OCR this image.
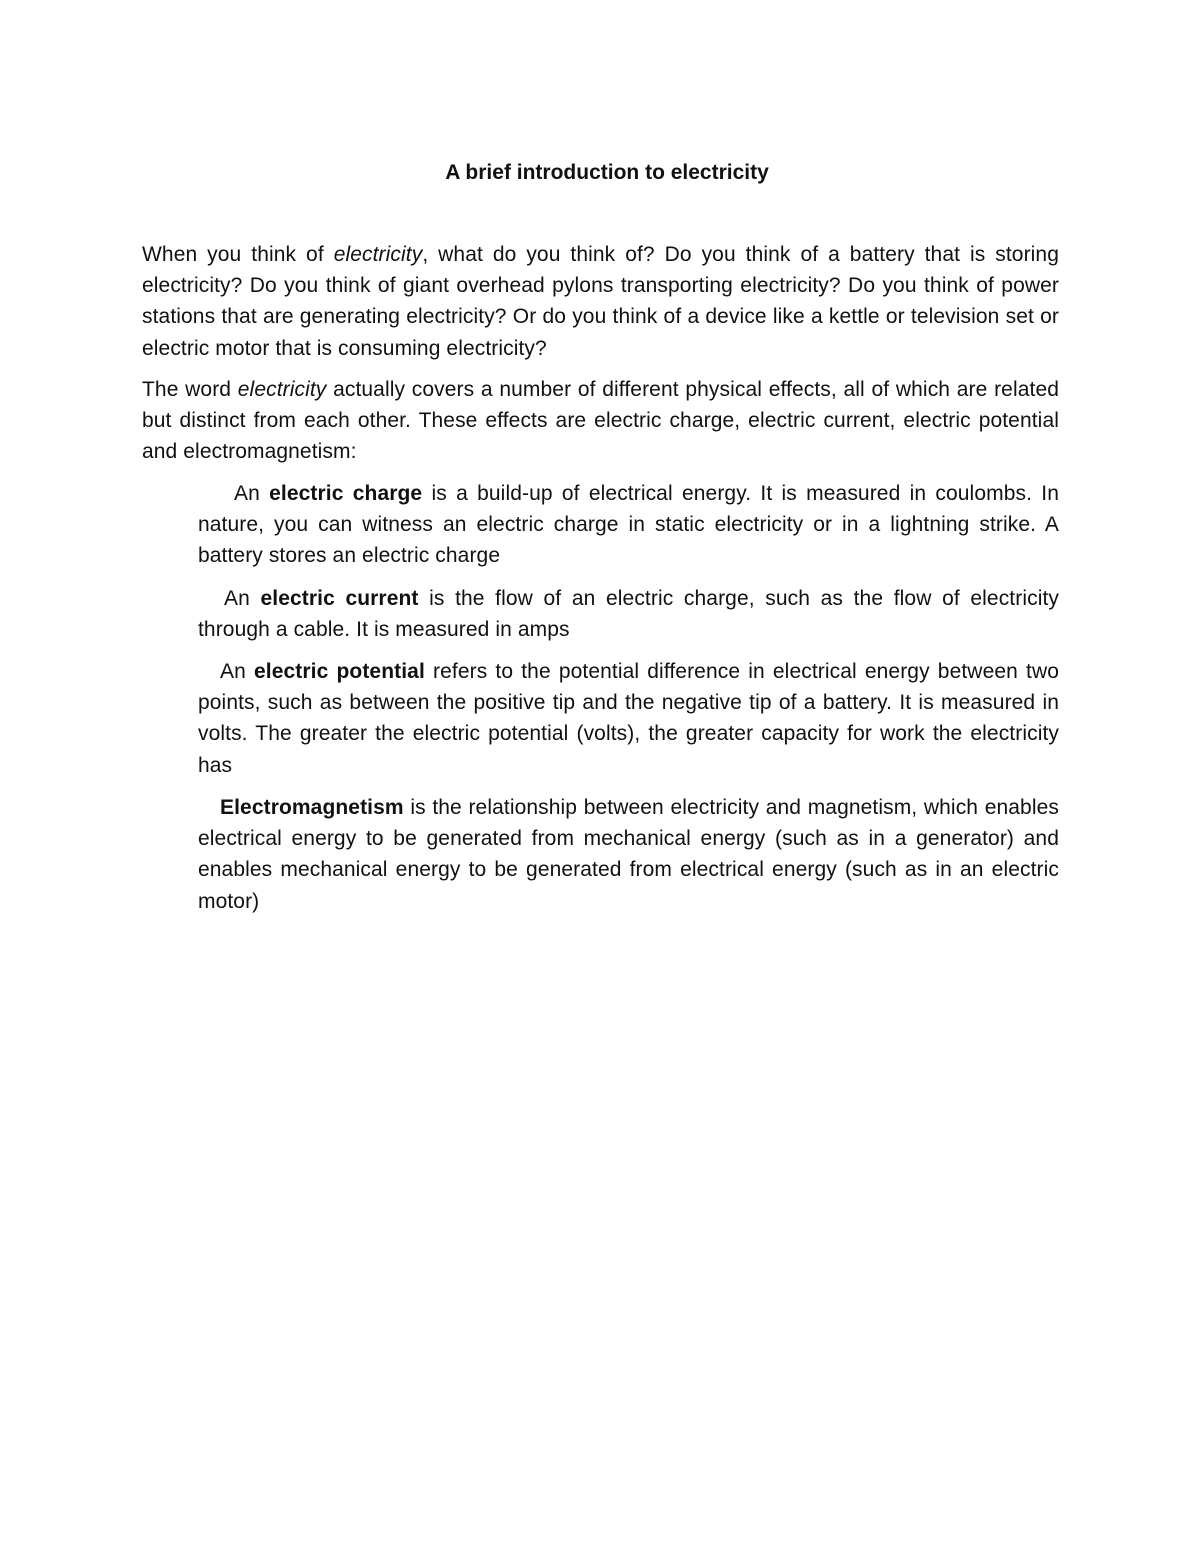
A brief introduction to electricity

When you think of electricity, what do you think of? Do you think of a battery that is storing electricity? Do you think of giant overhead pylons transporting electricity? Do you think of power stations that are generating electricity? Or do you think of a device like a kettle or television set or electric motor that is consuming electricity?

The word electricity actually covers a number of different physical effects, all of which are related but distinct from each other. These effects are electric charge, electric current, electric potential and electromagnetism:

An electric charge is a build-up of electrical energy. It is measured in coulombs. In nature, you can witness an electric charge in static electricity or in a lightning strike. A battery stores an electric charge

An electric current is the flow of an electric charge, such as the flow of electricity through a cable. It is measured in amps

An electric potential refers to the potential difference in electrical energy between two points, such as between the positive tip and the negative tip of a battery. It is measured in volts. The greater the electric potential (volts), the greater capacity for work the electricity has

Electromagnetism is the relationship between electricity and magnetism, which enables electrical energy to be generated from mechanical energy (such as in a generator) and enables mechanical energy to be generated from electrical energy (such as in an electric motor)
